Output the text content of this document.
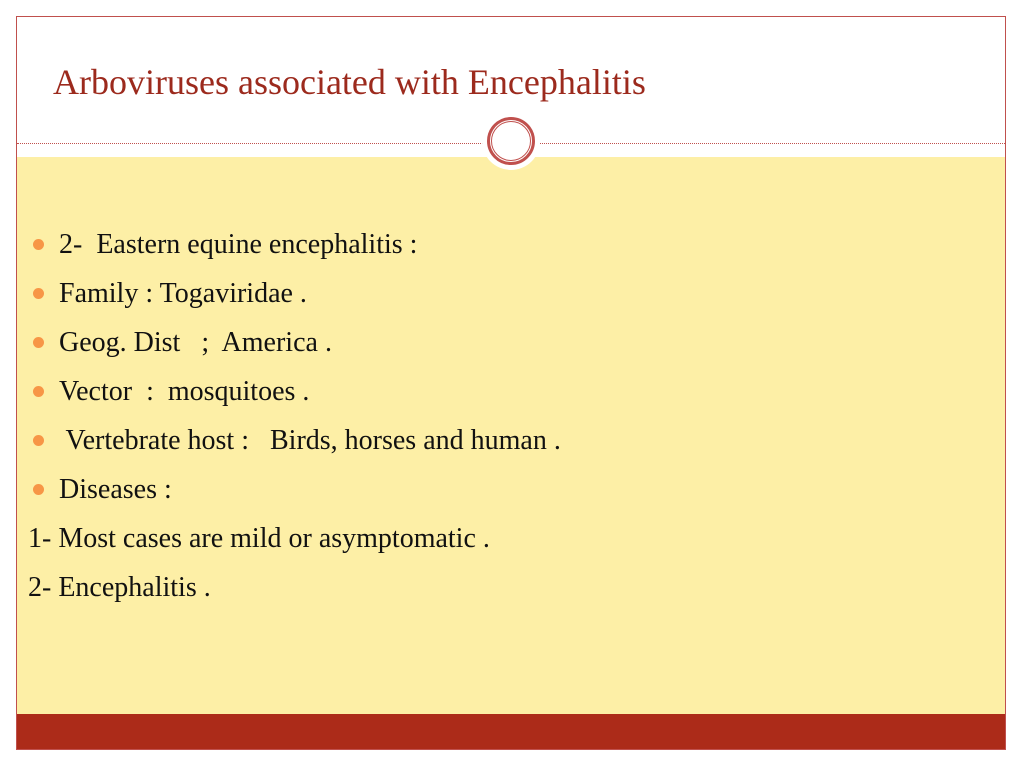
Arboviruses associated with Encephalitis
2-  Eastern equine encephalitis :
Family : Togaviridae .
Geog. Dist   ;  America .
Vector  :  mosquitoes .
Vertebrate host :   Birds, horses and human .
Diseases :
1- Most cases are mild or asymptomatic .
2- Encephalitis .
